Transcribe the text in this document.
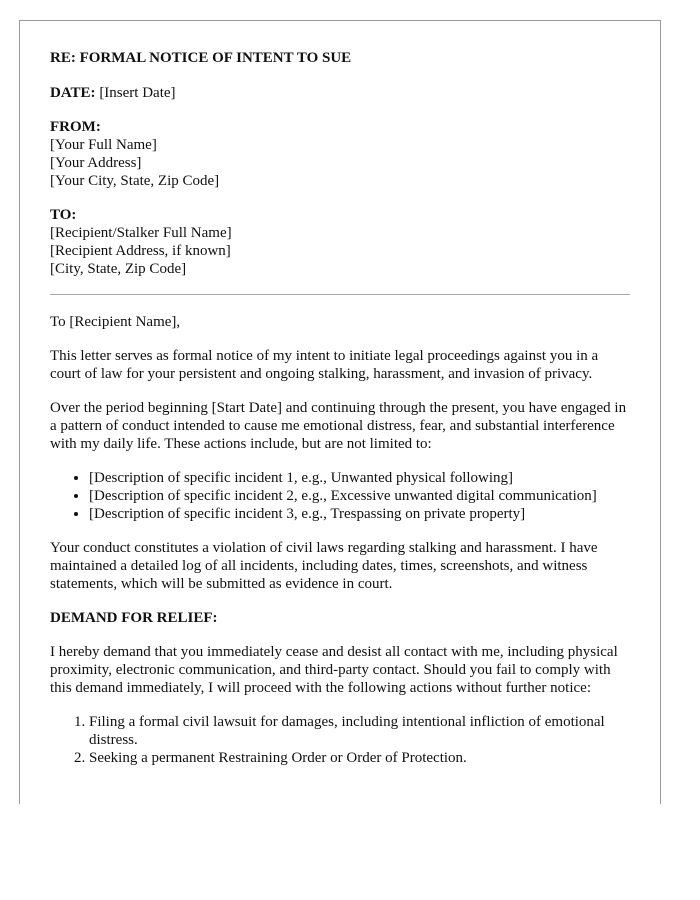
RE: FORMAL NOTICE OF INTENT TO SUE
DATE: [Insert Date]
FROM:
[Your Full Name]
[Your Address]
[Your City, State, Zip Code]
TO:
[Recipient/Stalker Full Name]
[Recipient Address, if known]
[City, State, Zip Code]

To [Recipient Name],

This letter serves as formal notice of my intent to initiate legal proceedings against you in a court of law for your persistent and ongoing stalking, harassment, and invasion of privacy.

Over the period beginning [Start Date] and continuing through the present, you have engaged in a pattern of conduct intended to cause me emotional distress, fear, and substantial interference with my daily life. These actions include, but are not limited to:

• [Description of specific incident 1, e.g., Unwanted physical following]
• [Description of specific incident 2, e.g., Excessive unwanted digital communication]
• [Description of specific incident 3, e.g., Trespassing on private property]

Your conduct constitutes a violation of civil laws regarding stalking and harassment. I have maintained a detailed log of all incidents, including dates, times, screenshots, and witness statements, which will be submitted as evidence in court.

DEMAND FOR RELIEF:

I hereby demand that you immediately cease and desist all contact with me, including physical proximity, electronic communication, and third-party contact. Should you fail to comply with this demand immediately, I will proceed with the following actions without further notice:

1. Filing a formal civil lawsuit for damages, including intentional infliction of emotional distress.
2. Seeking a permanent Restraining Order or Order of Protection.
